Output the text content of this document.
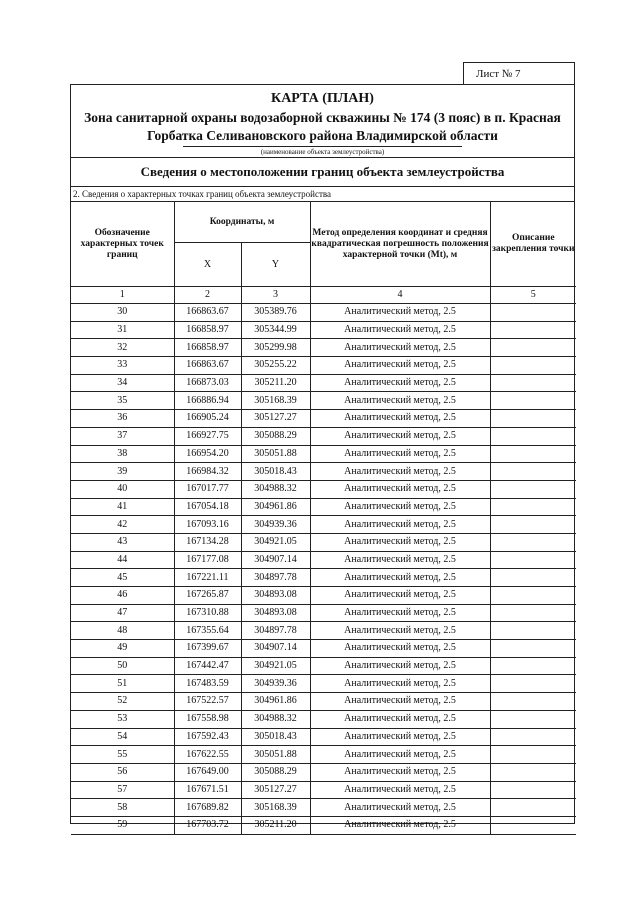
Лист № 7
КАРТА (ПЛАН)
Зона санитарной охраны водозаборной скважины № 174 (3 пояс) в п. Красная Горбатка Селивановского района Владимирской области
(наименование объекта землеустройства)
Сведения о местоположении границ объекта землеустройства
2. Сведения о характерных точках границ объекта землеустройства
Обозначение характерных точек границ	Координаты, м		Метод определения координат и средняя квадратическая погрешность положения характерной точки (Mt), м	Описание закрепления точки
	X	Y		
1	2	3	4	5
30	166863.67	305389.76	Аналитический метод, 2.5	
31	166858.97	305344.99	Аналитический метод, 2.5	
32	166858.97	305299.98	Аналитический метод, 2.5	
33	166863.67	305255.22	Аналитический метод, 2.5	
34	166873.03	305211.20	Аналитический метод, 2.5	
35	166886.94	305168.39	Аналитический метод, 2.5	
36	166905.24	305127.27	Аналитический метод, 2.5	
37	166927.75	305088.29	Аналитический метод, 2.5	
38	166954.20	305051.88	Аналитический метод, 2.5	
39	166984.32	305018.43	Аналитический метод, 2.5	
40	167017.77	304988.32	Аналитический метод, 2.5	
41	167054.18	304961.86	Аналитический метод, 2.5	
42	167093.16	304939.36	Аналитический метод, 2.5	
43	167134.28	304921.05	Аналитический метод, 2.5	
44	167177.08	304907.14	Аналитический метод, 2.5	
45	167221.11	304897.78	Аналитический метод, 2.5	
46	167265.87	304893.08	Аналитический метод, 2.5	
47	167310.88	304893.08	Аналитический метод, 2.5	
48	167355.64	304897.78	Аналитический метод, 2.5	
49	167399.67	304907.14	Аналитический метод, 2.5	
50	167442.47	304921.05	Аналитический метод, 2.5	
51	167483.59	304939.36	Аналитический метод, 2.5	
52	167522.57	304961.86	Аналитический метод, 2.5	
53	167558.98	304988.32	Аналитический метод, 2.5	
54	167592.43	305018.43	Аналитический метод, 2.5	
55	167622.55	305051.88	Аналитический метод, 2.5	
56	167649.00	305088.29	Аналитический метод, 2.5	
57	167671.51	305127.27	Аналитический метод, 2.5	
58	167689.82	305168.39	Аналитический метод, 2.5	
59	167703.72	305211.20	Аналитический метод, 2.5	
